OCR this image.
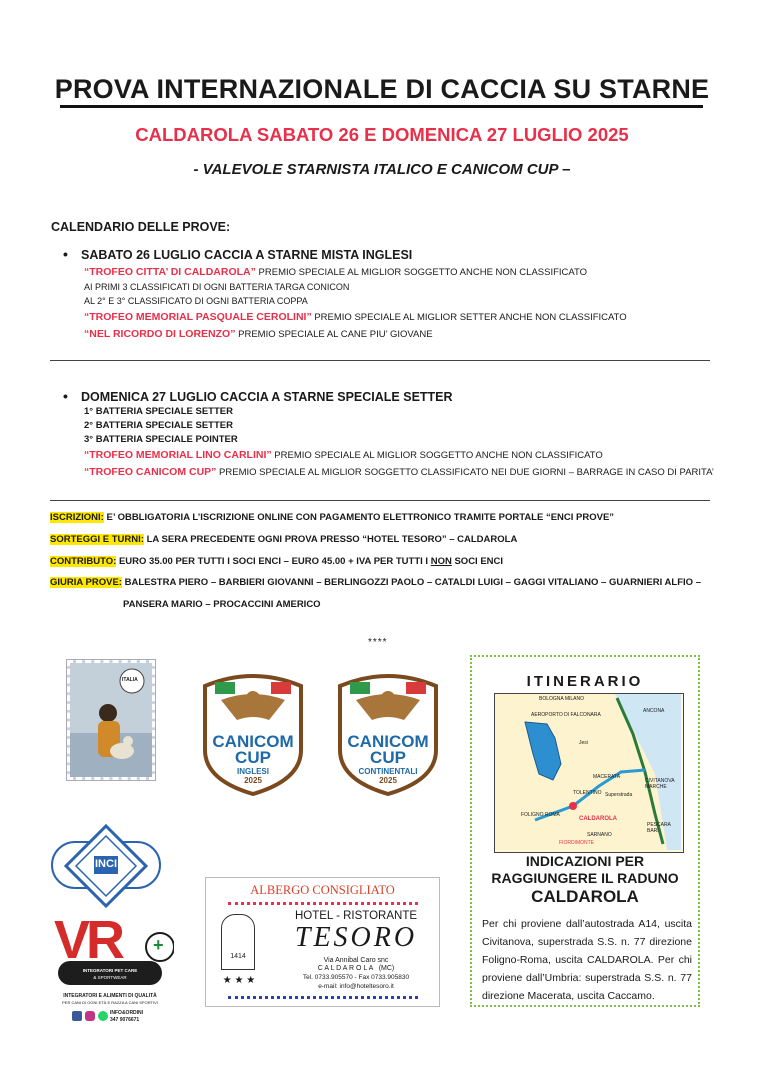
PROVA INTERNAZIONALE DI CACCIA SU STARNE
CALDAROLA SABATO 26 E DOMENICA 27 LUGLIO 2025
- VALEVOLE STARNISTA ITALICO E CANICOM CUP –
CALENDARIO DELLE PROVE:
• SABATO 26 LUGLIO CACCIA A STARNE MISTA INGLESI
“TROFEO CITTA’ DI CALDAROLA” PREMIO SPECIALE AL MIGLIOR SOGGETTO ANCHE NON CLASSIFICATO
AI PRIMI 3 CLASSIFICATI DI OGNI BATTERIA TARGA CONICON
AL 2° E 3° CLASSIFICATO DI OGNI BATTERIA COPPA
“TROFEO MEMORIAL PASQUALE CEROLINI” PREMIO SPECIALE AL MIGLIOR SETTER ANCHE NON CLASSIFICATO
“NEL RICORDO DI LORENZO” PREMIO SPECIALE AL CANE PIU’ GIOVANE
• DOMENICA 27 LUGLIO CACCIA A STARNE SPECIALE SETTER
1° BATTERIA SPECIALE SETTER
2° BATTERIA SPECIALE SETTER
3° BATTERIA SPECIALE POINTER
“TROFEO MEMORIAL LINO CARLINI” PREMIO SPECIALE AL MIGLIOR SOGGETTO ANCHE NON CLASSIFICATO
“TROFEO CANICOM CUP” PREMIO SPECIALE AL MIGLIOR SOGGETTO CLASSIFICATO NEI DUE GIORNI – BARRAGE IN CASO DI PARITA’
ISCRIZIONI: E’ OBBLIGATORIA L’ISCRIZIONE ONLINE CON PAGAMENTO ELETTRONICO TRAMITE PORTALE “ENCI PROVE”
SORTEGGI E TURNI: LA SERA PRECEDENTE OGNI PROVA PRESSO “HOTEL TESORO” – CALDAROLA
CONTRIBUTO: EURO 35.00 PER TUTTI I SOCI ENCI – EURO 45.00 + IVA PER TUTTI I NON SOCI ENCI
GIURIA PROVE: BALESTRA PIERO – BARBIERI GIOVANNI – BERLINGOZZI PAOLO – CATALDI LUIGI – GAGGI VITALIANO – GUARNIERI ALFIO –
PANSERA MARIO – PROCACCINI AMERICO
ITALIA
****
CANICOM
CUP
INGLESI
2025
CANICOM
CUP
CONTINENTALI
2025
INCI
VR +
INTEGRATORI PET CARE
& SPORTWEAR
INTEGRATORI E ALIMENTI DI QUALITÀ
PER CANI DI OGNI ETÀ E RAZZA A CANI SPORTIVI
INFO&ORDINI
347 9076671
ALBERGO CONSIGLIATO
1414
★ ★ ★
HOTEL - RISTORANTE
TESORO
Via Annibal Caro snc
C A L D A R O L A   (MC)
Tel. 0733.905570 - Fax 0733.905830
e-mail: info@hoteltesoro.it
ITINERARIO
BOLOGNA MILANO
AEROPORTO DI FALCONARA
ANCONA
Jesi
MACERATA
CIVITANOVA MARCHE
TOLENTINO Superstrada
FOLIGNO ROMA
CALDAROLA
PESCARA BARI
SARNANO
FIORDIMONTE
INDICAZIONI PER
RAGGIUNGERE IL RADUNO
CALDAROLA
Per chi proviene dall’autostrada A14, uscita Civitanova, superstrada S.S. n. 77 direzione Foligno-Roma, uscita CALDAROLA. Per chi proviene dall’Umbria: superstrada S.S. n. 77 direzione Macerata, uscita Caccamo.
